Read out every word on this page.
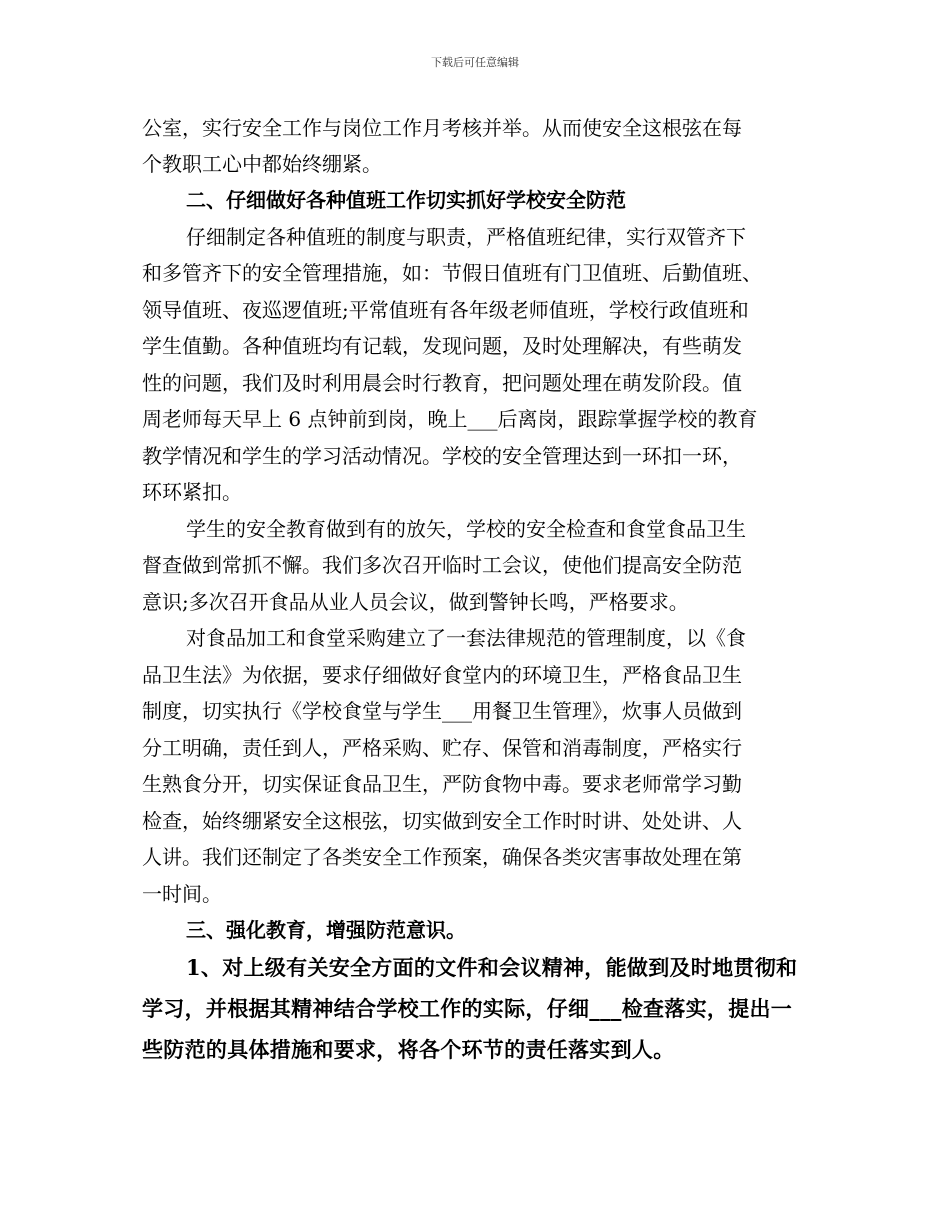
下载后可任意编辑
公室，实行安全工作与岗位工作月考核并举。从而使安全这根弦在每
个教职工心中都始终绷紧。
二、仔细做好各种值班工作切实抓好学校安全防范
仔细制定各种值班的制度与职责，严格值班纪律，实行双管齐下
和多管齐下的安全管理措施，如：节假日值班有门卫值班、后勤值班、
领导值班、夜巡逻值班;平常值班有各年级老师值班，学校行政值班和
学生值勤。各种值班均有记载，发现问题，及时处理解决，有些萌发
性的问题，我们及时利用晨会时行教育，把问题处理在萌发阶段。值
周老师每天早上 6 点钟前到岗，晚上___后离岗，跟踪掌握学校的教育
教学情况和学生的学习活动情况。学校的安全管理达到一环扣一环，
环环紧扣。
学生的安全教育做到有的放矢，学校的安全检查和食堂食品卫生
督查做到常抓不懈。我们多次召开临时工会议，使他们提高安全防范
意识;多次召开食品从业人员会议，做到警钟长鸣，严格要求。
对食品加工和食堂采购建立了一套法律规范的管理制度，以《食
品卫生法》为依据，要求仔细做好食堂内的环境卫生，严格食品卫生
制度，切实执行《学校食堂与学生___用餐卫生管理》，炊事人员做到
分工明确，责任到人，严格采购、贮存、保管和消毒制度，严格实行
生熟食分开，切实保证食品卫生，严防食物中毒。要求老师常学习勤
检查，始终绷紧安全这根弦，切实做到安全工作时时讲、处处讲、人
人讲。我们还制定了各类安全工作预案，确保各类灾害事故处理在第
一时间。
三、强化教育，增强防范意识。
1、对上级有关安全方面的文件和会议精神，能做到及时地贯彻和
学习，并根据其精神结合学校工作的实际，仔细___检查落实，提出一
些防范的具体措施和要求，将各个环节的责任落实到人。
